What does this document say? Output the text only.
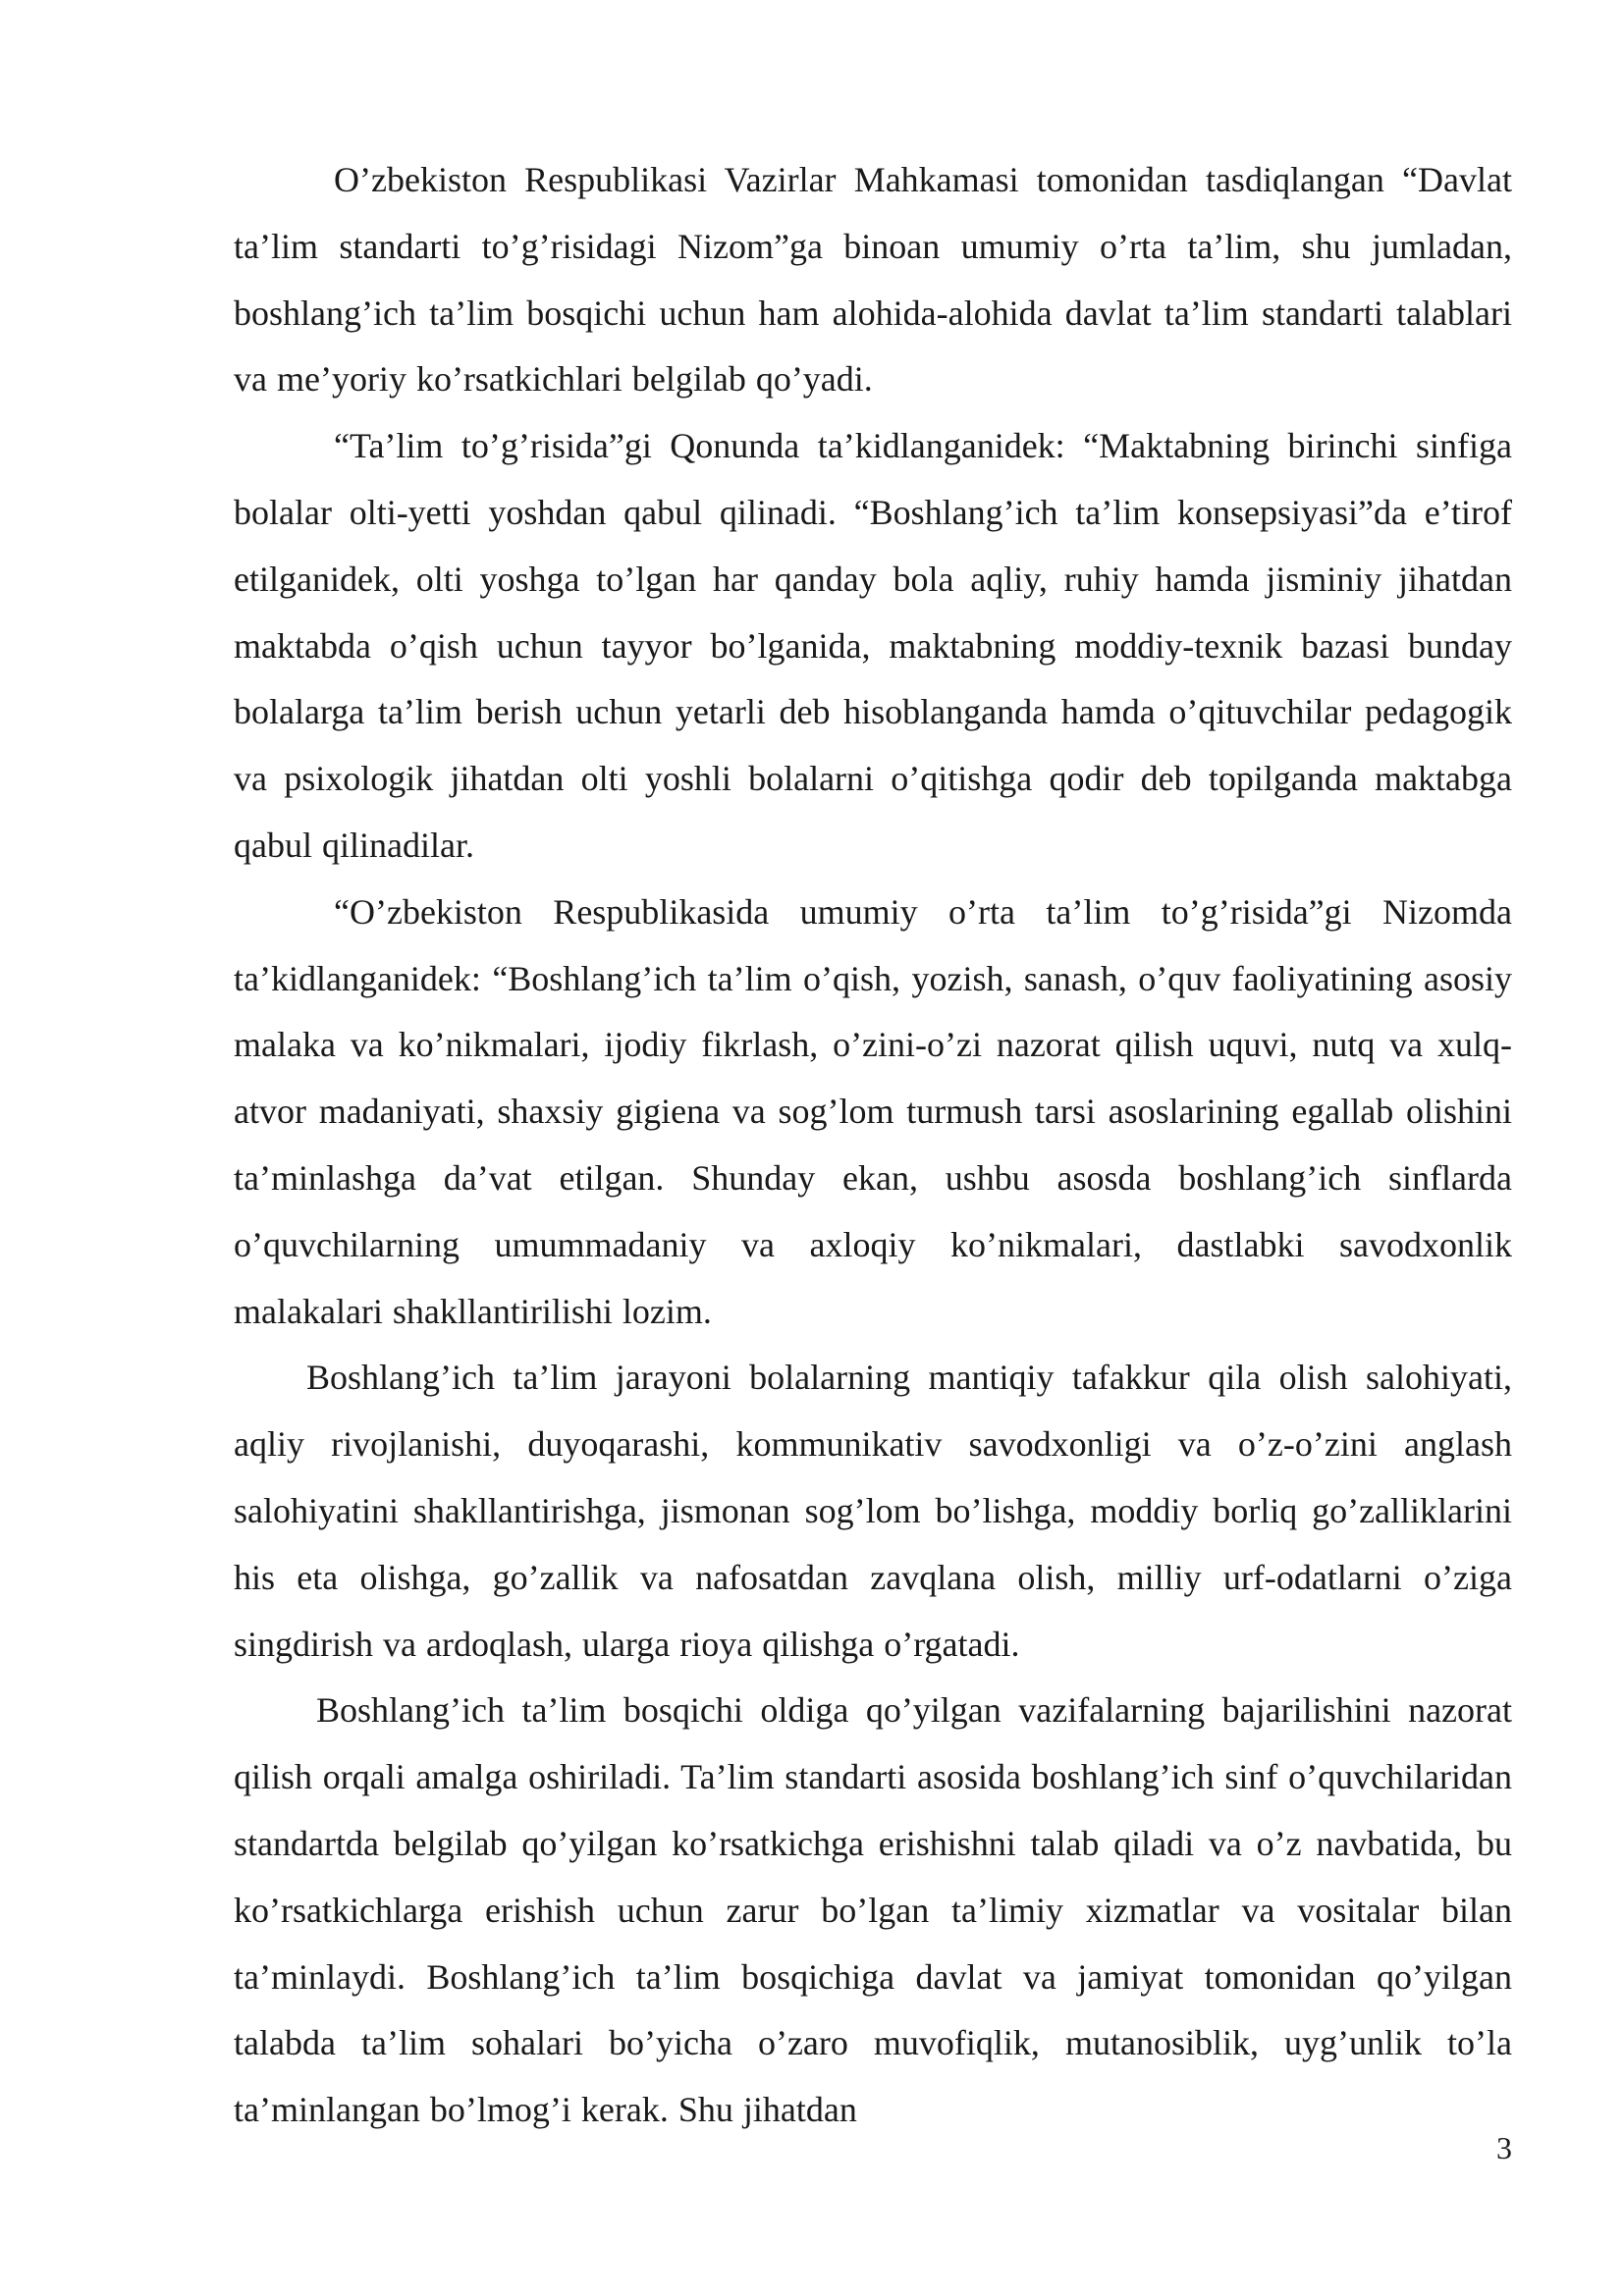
O’zbekiston Respublikasi Vazirlar Mahkamasi tomonidan tasdiqlangan “Davlat ta’lim standarti to’g’risidagi Nizom”ga binoan umumiy o’rta ta’lim, shu jumladan, boshlang’ich ta’lim bosqichi uchun ham alohida-alohida davlat ta’lim standarti talablari va me’yoriy ko’rsatkichlari belgilab qo’yadi.

“Ta’lim to’g’risida”gi Qonunda ta’kidlanganidek: “Maktabning birinchi sinfiga bolalar olti-yetti yoshdan qabul qilinadi. “Boshlang’ich ta’lim konsepsiyasi”da e’tirof etilganidek, olti yoshga to’lgan har qanday bola aqliy, ruhiy hamda jisminiy jihatdan maktabda o’qish uchun tayyor bo’lganida, maktabning moddiy-texnik bazasi bunday bolalarga ta’lim berish uchun yetarli deb hisoblanganda hamda o’qituvchilar pedagogik va psixologik jihatdan olti yoshli bolalarni o’qitishga qodir deb topilganda maktabga qabul qilinadilar.

“O’zbekiston Respublikasida umumiy o’rta ta’lim to’g’risida”gi Nizomda ta’kidlanganidek: “Boshlang’ich ta’lim o’qish, yozish, sanash, o’quv faoliyatining asosiy malaka va ko’nikmalari, ijodiy fikrlash, o’zini-o’zi nazorat qilish uquvi, nutq va xulq-atvor madaniyati, shaxsiy gigiena va sog’lom turmush tarsi asoslarining egallab olishini ta’minlashga da’vat etilgan. Shunday ekan, ushbu asosda boshlang’ich sinflarda o’quvchilarning umummadaniy va axloqiy ko’nikmalari, dastlabki savodxonlik malakalari shakllantirilishi lozim.

Boshlang’ich ta’lim jarayoni bolalarning mantiqiy tafakkur qila olish salohiyati, aqliy rivojlanishi, duyoqarashi, kommunikativ savodxonligi va o’z-o’zini anglash salohiyatini shakllantirishga, jismonan sog’lom bo’lishga, moddiy borliq go’zalliklarini his eta olishga, go’zallik va nafosatdan zavqlana olish, milliy urf-odatlarni o’ziga singdirish va ardoqlash, ularga rioya qilishga o’rgatadi.

Boshlang’ich ta’lim bosqichi oldiga qo’yilgan vazifalarning bajarilishini nazorat qilish orqali amalga oshiriladi. Ta’lim standarti asosida boshlang’ich sinf o’quvchilaridan standartda belgilab qo’yilgan ko’rsatkichga erishishni talab qiladi va o’z navbatida, bu ko’rsatkichlarga erishish uchun zarur bo’lgan ta’limiy xizmatlar va vositalar bilan ta’minlaydi. Boshlang’ich ta’lim bosqichiga davlat va jamiyat tomonidan qo’yilgan talabda ta’lim sohalari bo’yicha o’zaro muvofiqlik, mutanosiblik, uyg’unlik to’la ta’minlangan bo’lmog’i kerak. Shu jihatdan

3
